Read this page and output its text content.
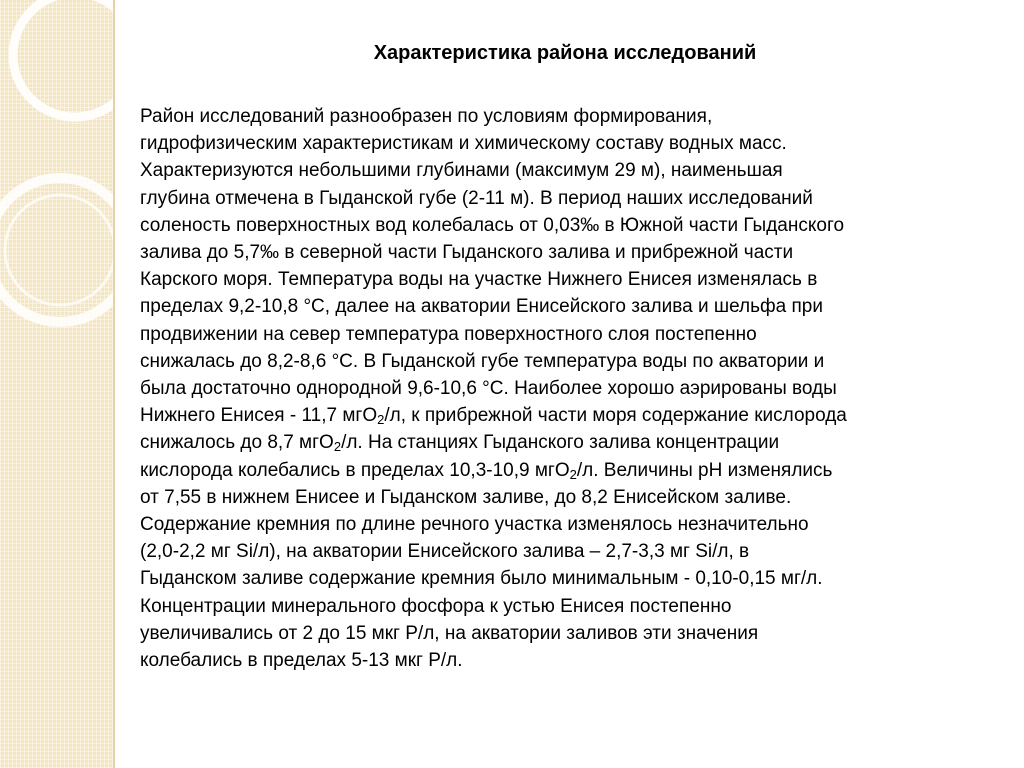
Характеристика района исследований
Район исследований разнообразен по условиям формирования,
гидрофизическим характеристикам и химическому составу водных масс.
Характеризуются небольшими глубинами (максимум 29 м), наименьшая
глубина отмечена в Гыданской губе (2-11 м). В период наших исследований
соленость поверхностных вод колебалась от 0,03‰ в Южной части Гыданского
залива до 5,7‰ в северной части Гыданского залива и прибрежной части
Карского моря. Температура воды на участке Нижнего Енисея изменялась в
пределах 9,2-10,8 °С, далее на акватории Енисейского залива и шельфа при
продвижении на север температура поверхностного слоя постепенно
снижалась до 8,2-8,6 °С. В Гыданской губе температура воды по акватории и
была достаточно однородной 9,6-10,6 °С. Наиболее хорошо аэрированы воды
Нижнего Енисея - 11,7 мгО$_2$/л, к прибрежной части моря содержание кислорода
снижалось до 8,7 мгО$_2$/л. На станциях Гыданского залива концентрации
кислорода колебались в пределах 10,3-10,9 мгО$_2$/л. Величины pH изменялись
от 7,55 в нижнем Енисее и Гыданском заливе, до 8,2 Енисейском заливе.
Содержание кремния по длине речного участка изменялось незначительно
(2,0-2,2 мг Si/л), на акватории Енисейского залива – 2,7-3,3 мг Si/л, в
Гыданском заливе содержание кремния было минимальным - 0,10-0,15 мг/л.
Концентрации минерального фосфора к устью Енисея постепенно
увеличивались от 2 до 15 мкг Р/л, на акватории заливов эти значения
колебались в пределах 5-13 мкг Р/л.
